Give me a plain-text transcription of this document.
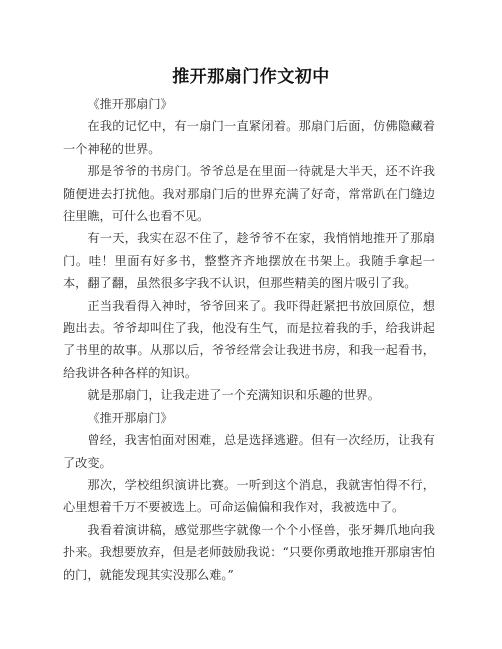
推开那扇门作文初中

《推开那扇门》

在我的记忆中，有一扇门一直紧闭着。那扇门后面，仿佛隐藏着一个神秘的世界。

那是爷爷的书房门。爷爷总是在里面一待就是大半天，还不许我随便进去打扰他。我对那扇门后的世界充满了好奇，常常趴在门缝边往里瞧，可什么也看不见。

有一天，我实在忍不住了，趁爷爷不在家，我悄悄地推开了那扇门。哇！里面有好多书，整整齐齐地摆放在书架上。我随手拿起一本，翻了翻，虽然很多字我不认识，但那些精美的图片吸引了我。

正当我看得入神时，爷爷回来了。我吓得赶紧把书放回原位，想跑出去。爷爷却叫住了我，他没有生气，而是拉着我的手，给我讲起了书里的故事。从那以后，爷爷经常会让我进书房，和我一起看书，给我讲各种各样的知识。

就是那扇门，让我走进了一个充满知识和乐趣的世界。

《推开那扇门》

曾经，我害怕面对困难，总是选择逃避。但有一次经历，让我有了改变。

那次，学校组织演讲比赛。一听到这个消息，我就害怕得不行，心里想着千万不要被选上。可命运偏偏和我作对，我被选中了。

我看着演讲稿，感觉那些字就像一个个小怪兽，张牙舞爪地向我扑来。我想要放弃，但是老师鼓励我说：“只要你勇敢地推开那扇害怕的门，就能发现其实没那么难。”
